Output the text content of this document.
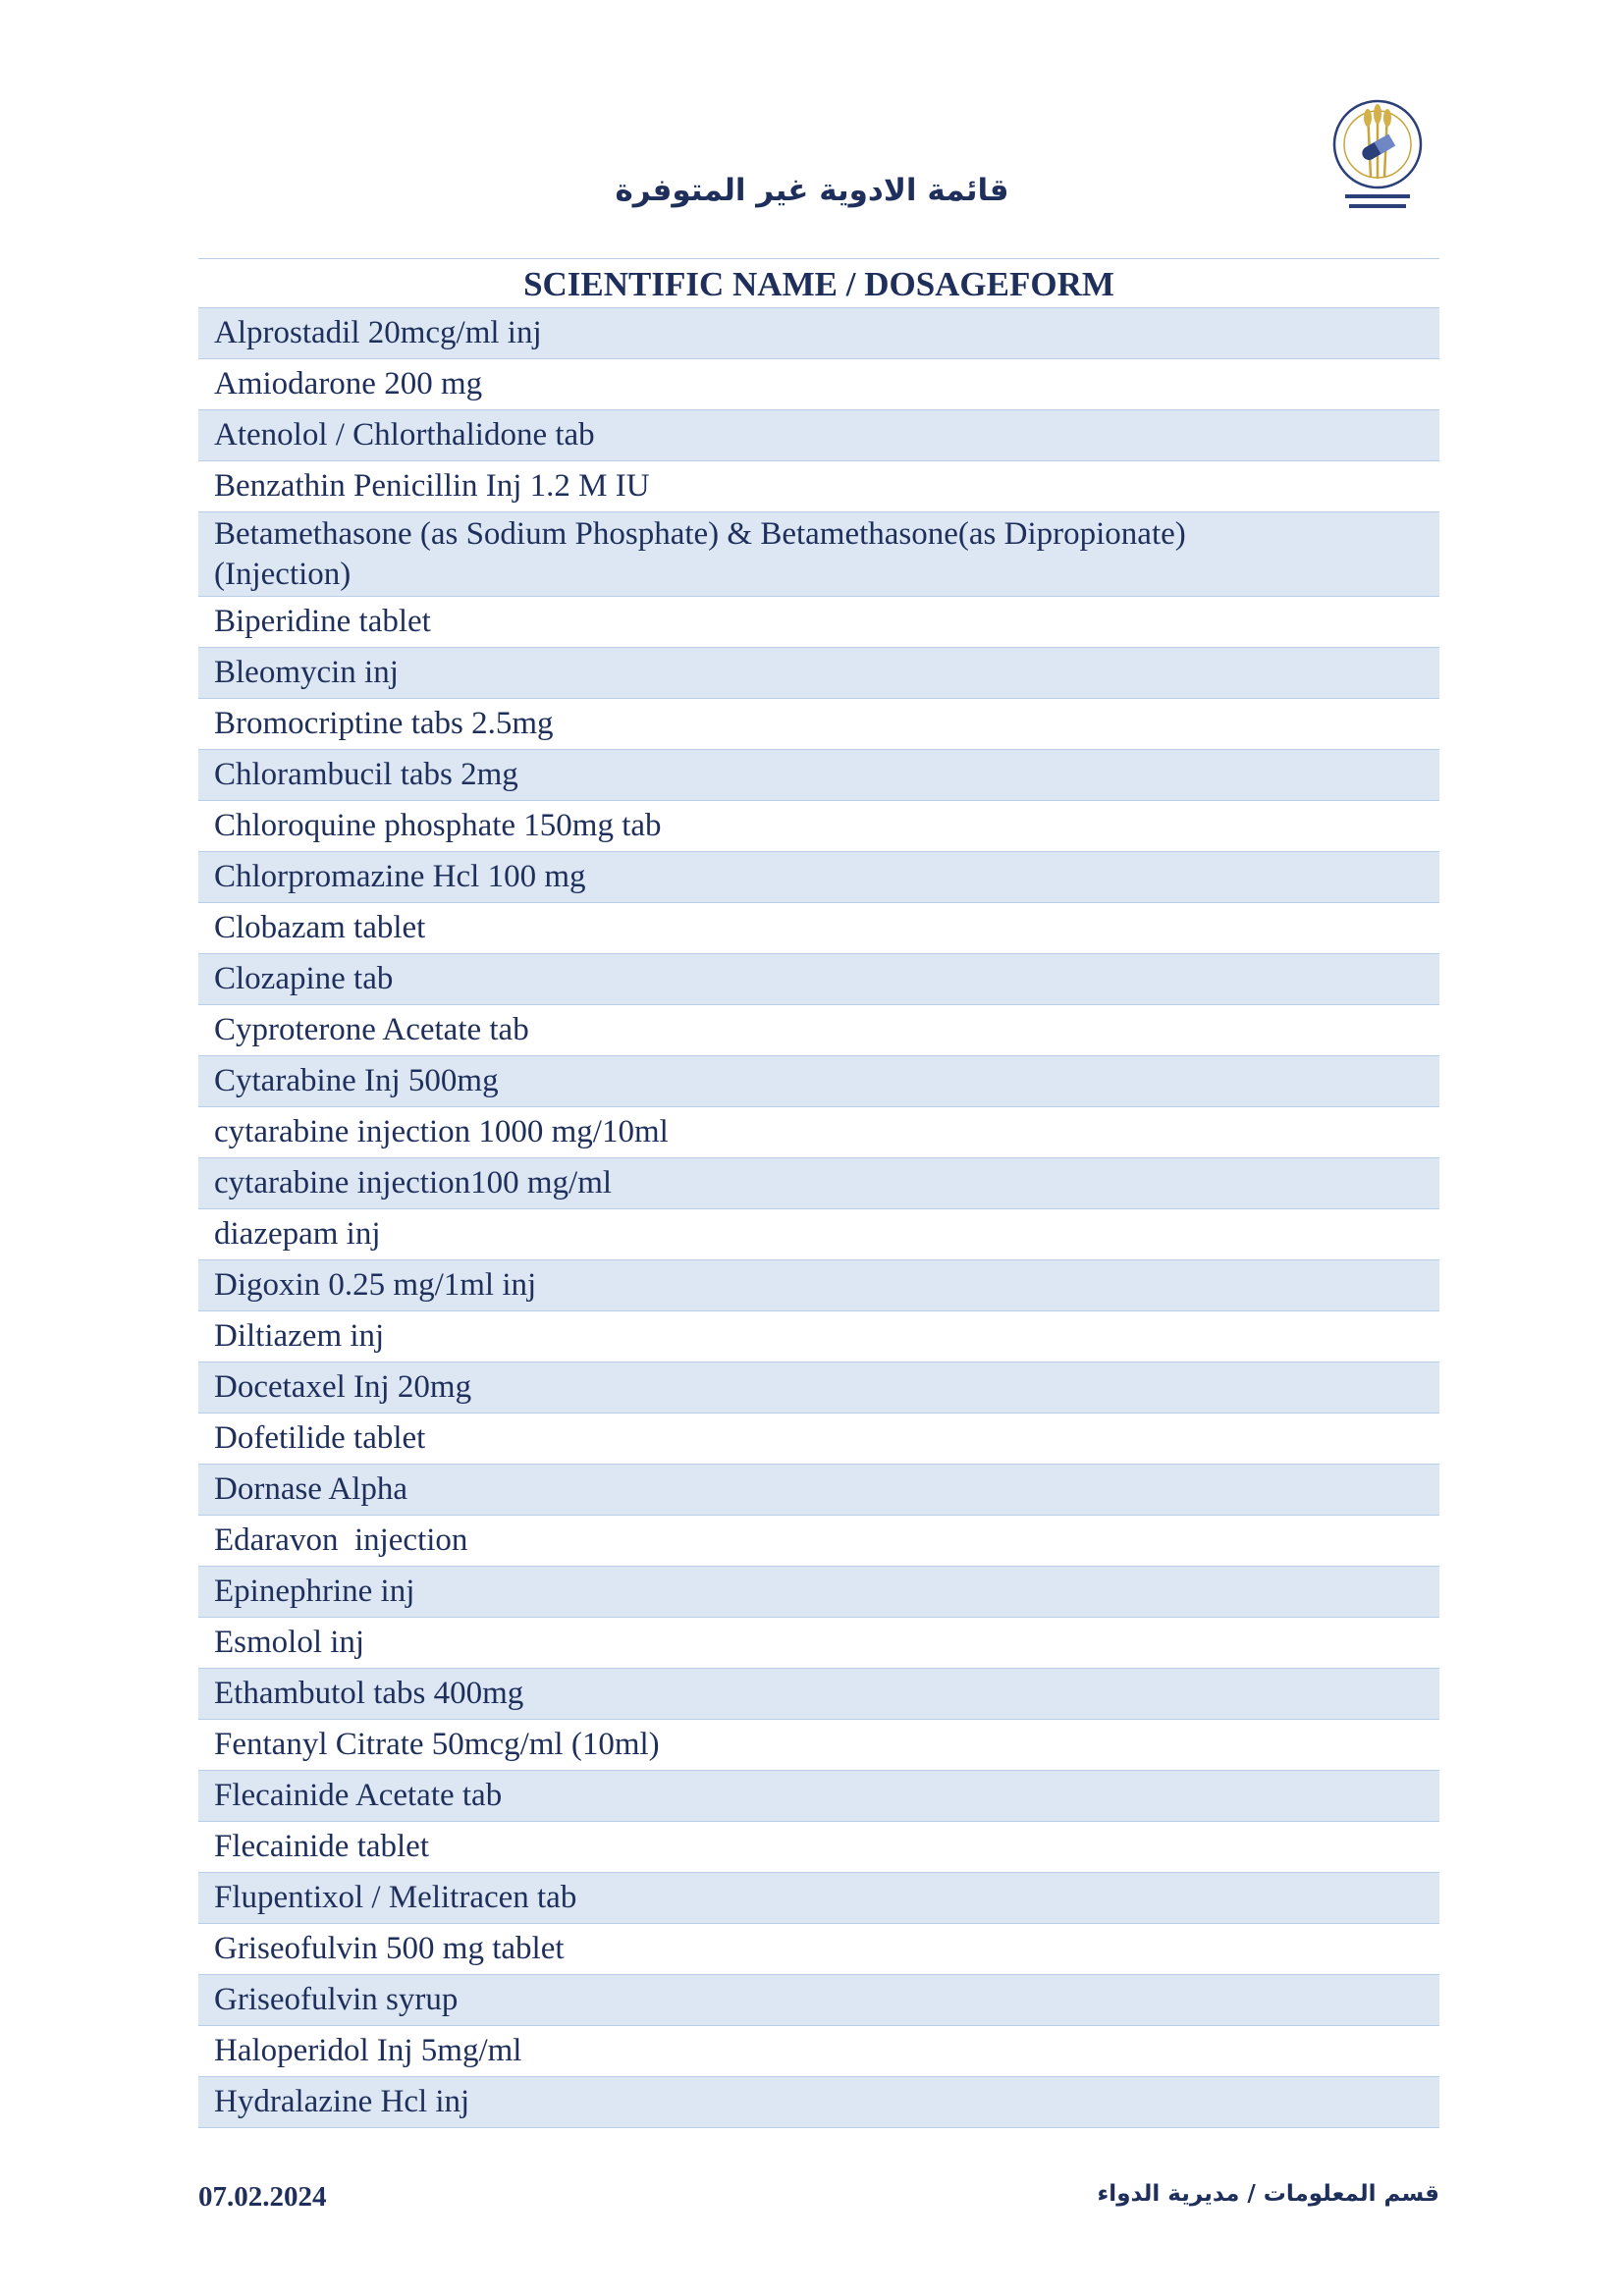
قائمة الادوية غير المتوفرة
SCIENTIFIC NAME / DOSAGEFORM
Alprostadil 20mcg/ml inj
Amiodarone 200 mg
Atenolol / Chlorthalidone tab
Benzathin Penicillin Inj 1.2 M IU
Betamethasone (as Sodium Phosphate) & Betamethasone(as Dipropionate)
(Injection)
Biperidine tablet
Bleomycin inj
Bromocriptine tabs 2.5mg
Chlorambucil tabs 2mg
Chloroquine phosphate 150mg tab
Chlorpromazine Hcl 100 mg
Clobazam tablet
Clozapine tab
Cyproterone Acetate tab
Cytarabine Inj 500mg
cytarabine injection 1000 mg/10ml
cytarabine injection100 mg/ml
diazepam inj
Digoxin 0.25 mg/1ml inj
Diltiazem inj
Docetaxel Inj 20mg
Dofetilide tablet
Dornase Alpha
Edaravon  injection
Epinephrine inj
Esmolol inj
Ethambutol tabs 400mg
Fentanyl Citrate 50mcg/ml (10ml)
Flecainide Acetate tab
Flecainide tablet
Flupentixol / Melitracen tab
Griseofulvin 500 mg tablet
Griseofulvin syrup
Haloperidol Inj 5mg/ml
Hydralazine Hcl inj
07.02.2024	قسم المعلومات / مديرية الدواء
